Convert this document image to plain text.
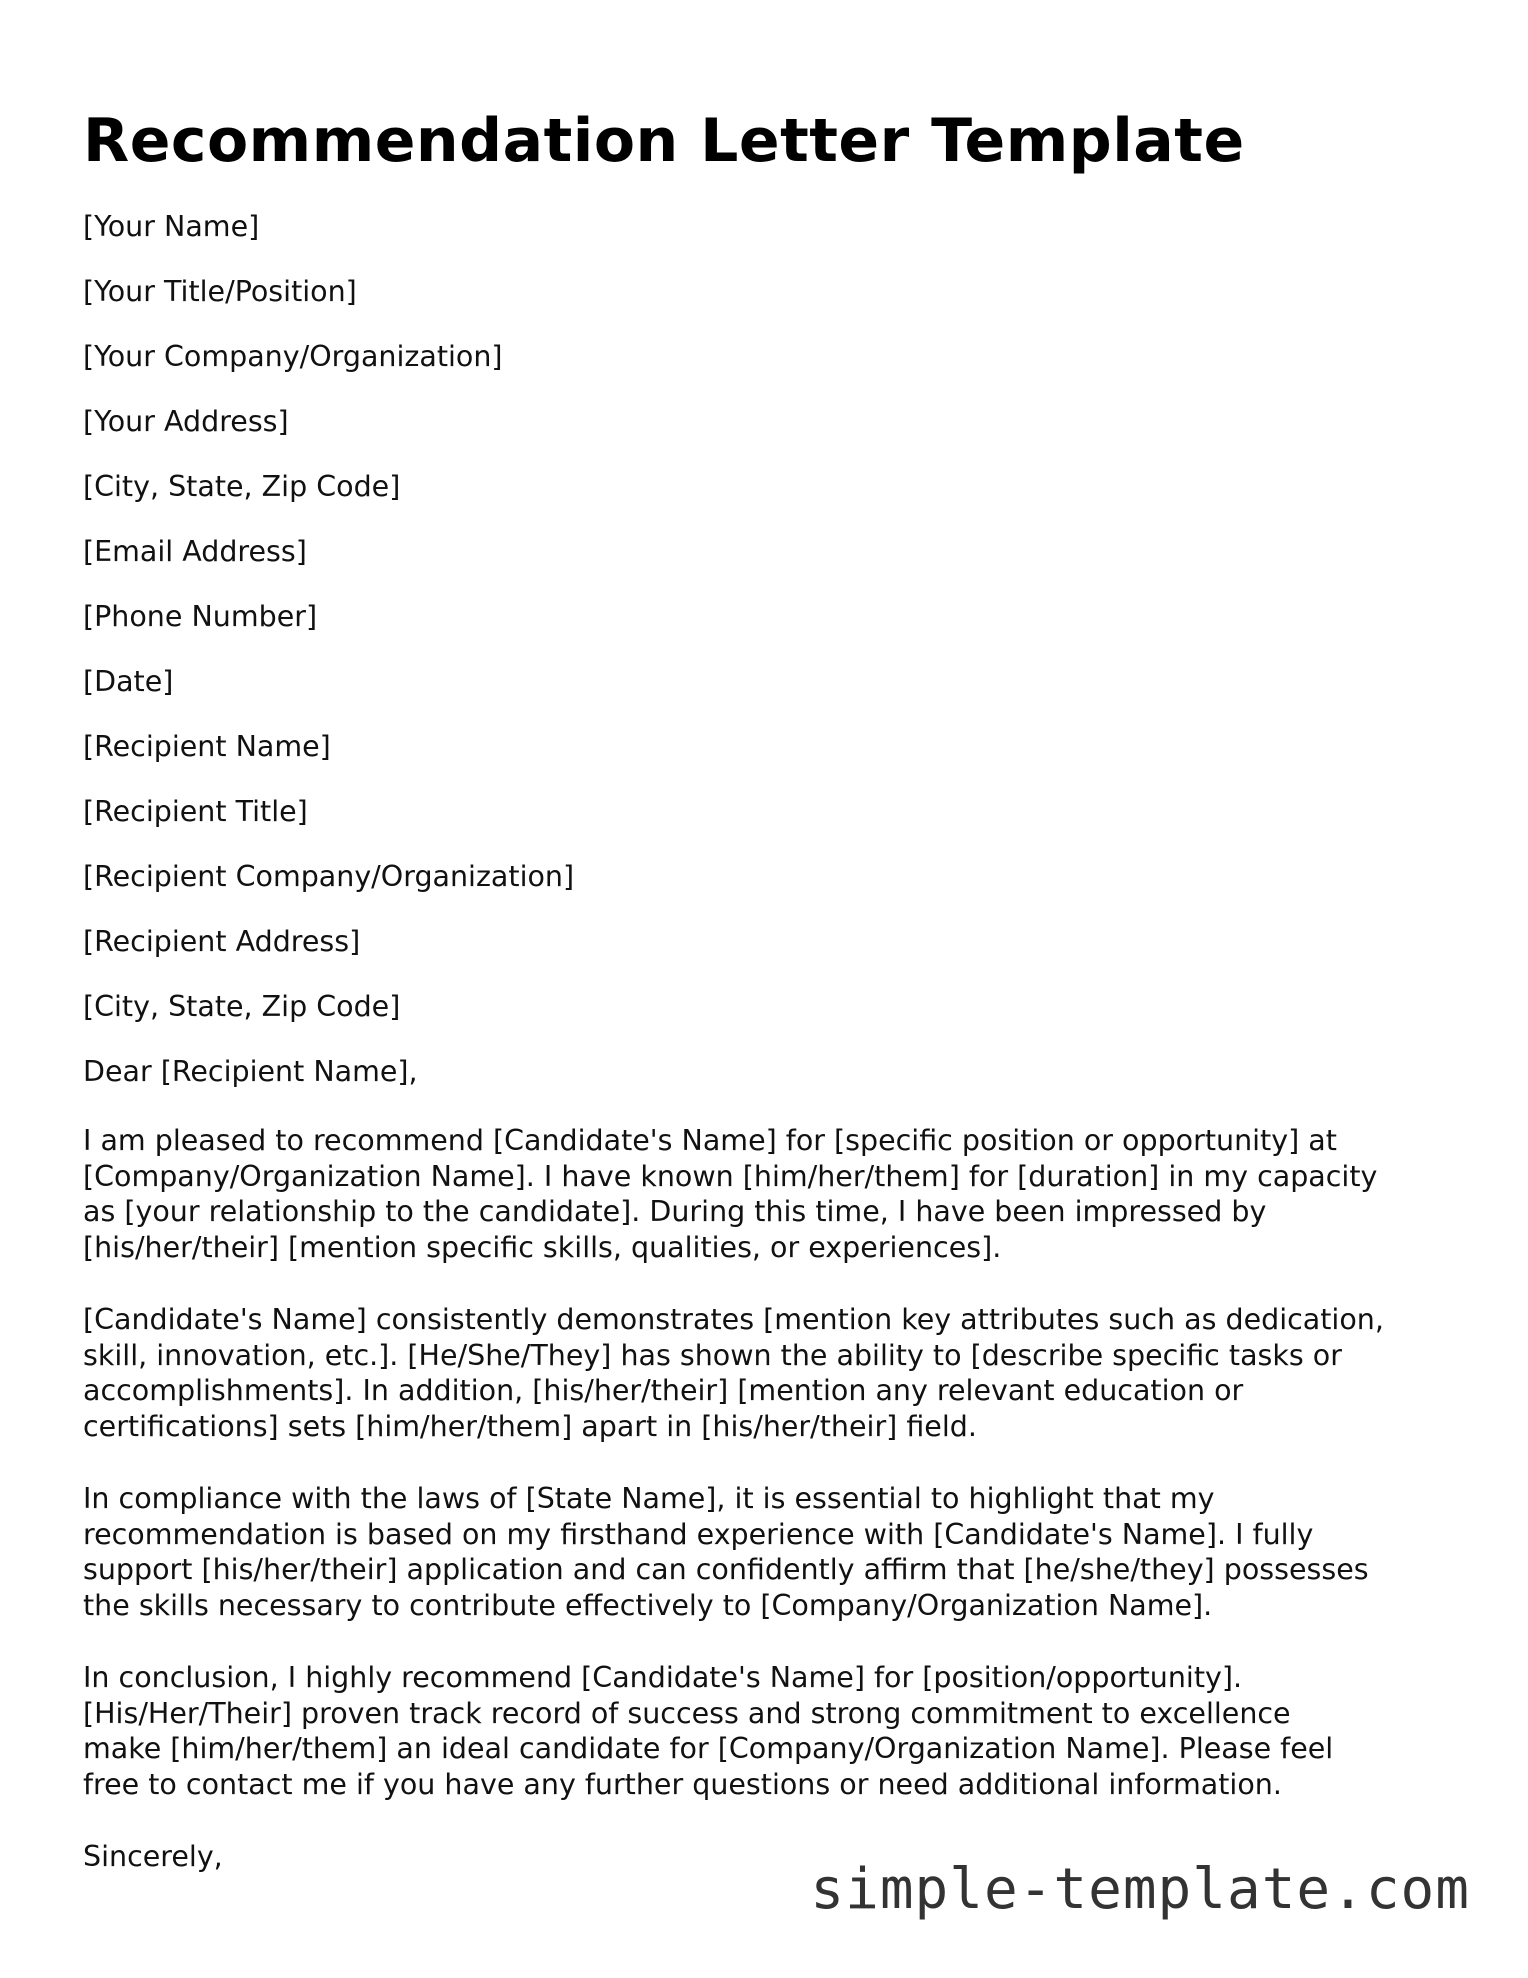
Recommendation Letter Template

[Your Name]

[Your Title/Position]

[Your Company/Organization]

[Your Address]

[City, State, Zip Code]

[Email Address]

[Phone Number]

[Date]

[Recipient Name]

[Recipient Title]

[Recipient Company/Organization]

[Recipient Address]

[City, State, Zip Code]

Dear [Recipient Name],

I am pleased to recommend [Candidate's Name] for [specific position or opportunity] at
[Company/Organization Name]. I have known [him/her/them] for [duration] in my capacity
as [your relationship to the candidate]. During this time, I have been impressed by
[his/her/their] [mention specific skills, qualities, or experiences].

[Candidate's Name] consistently demonstrates [mention key attributes such as dedication,
skill, innovation, etc.]. [He/She/They] has shown the ability to [describe specific tasks or
accomplishments]. In addition, [his/her/their] [mention any relevant education or
certifications] sets [him/her/them] apart in [his/her/their] field.

In compliance with the laws of [State Name], it is essential to highlight that my
recommendation is based on my firsthand experience with [Candidate's Name]. I fully
support [his/her/their] application and can confidently affirm that [he/she/they] possesses
the skills necessary to contribute effectively to [Company/Organization Name].

In conclusion, I highly recommend [Candidate's Name] for [position/opportunity].
[His/Her/Their] proven track record of success and strong commitment to excellence
make [him/her/them] an ideal candidate for [Company/Organization Name]. Please feel
free to contact me if you have any further questions or need additional information.

Sincerely,

simple-template.com
